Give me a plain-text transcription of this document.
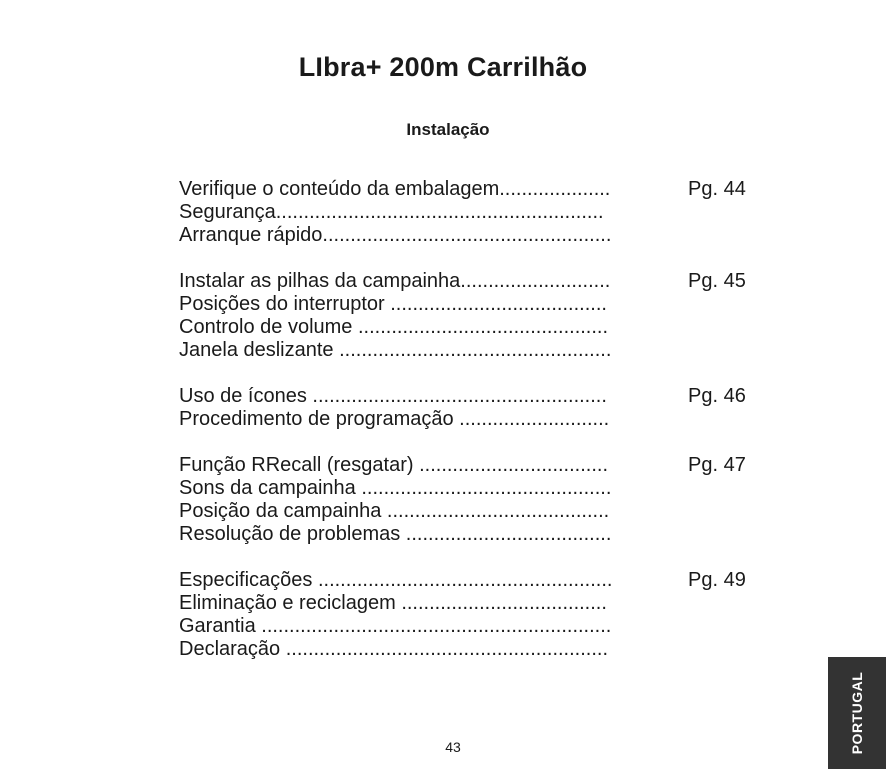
LIbra+ 200m Carrilhão
Instalação
Verifique o conteúdo da embalagem....................	Pg. 44
Segurança...........................................................
Arranque rápido....................................................
Instalar as pilhas da campainha...........................	Pg. 45
Posições do interruptor .......................................
Controlo de volume .............................................
Janela deslizante .................................................
Uso de ícones .....................................................	Pg. 46
Procedimento de programação ...........................
Função RRecall (resgatar) ..................................	Pg. 47
Sons da campainha .............................................
Posição da campainha ........................................
Resolução de problemas .....................................
Especificações .....................................................	Pg. 49
Eliminação e reciclagem .....................................
Garantia ...............................................................
Declaração ..........................................................
43	PORTUGAL
